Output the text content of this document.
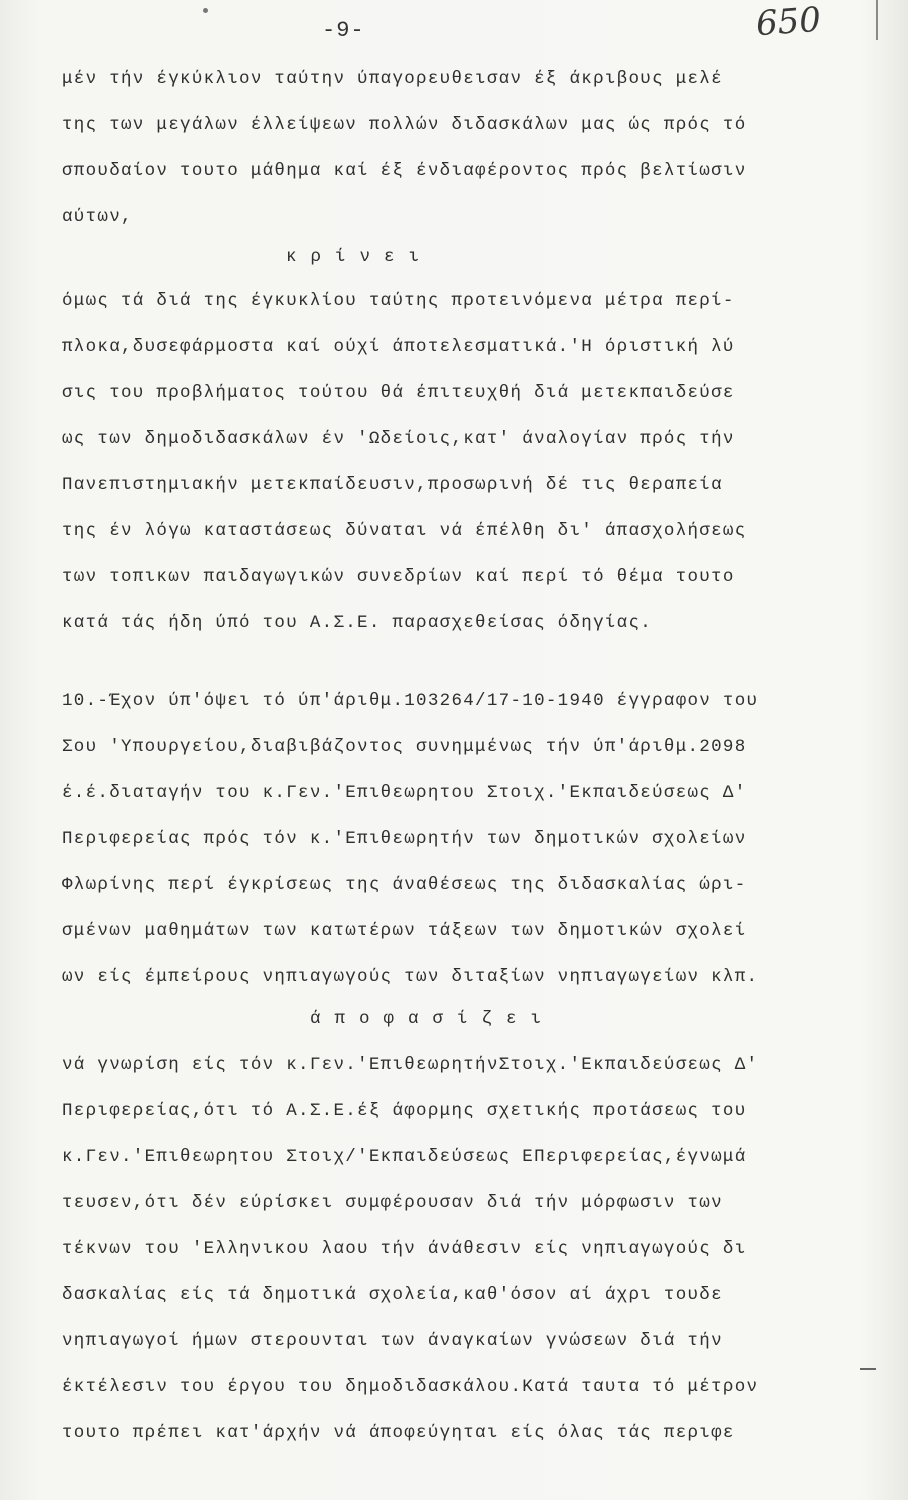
-9-	650
μέν τήν έγκύκλιον ταύτην ύπαγορευθεισαν έξ άκριβους μελέ
της των μεγάλων έλλείψεων πολλών διδασκάλων μας ώς πρός τό
σπουδαίον τουτο μάθημα καί έξ ένδιαφέροντος πρός βελτίωσιν
αύτων,
κρίνει
όμως τά διά της έγκυκλίου ταύτης προτεινόμενα μέτρα περί-
πλοκα,δυσεφάρμοστα καί ούχί άποτελεσματικά.'Η όριστική λύ
σις του προβλήματος τούτου θά έπιτευχθή διά μετεκπαιδεύσε
ως των δημοδιδασκάλων έν 'Ωδείοις,κατ' άναλογίαν πρός τήν
Πανεπιστημιακήν μετεκπαίδευσιν,προσωρινή δέ τις θεραπεία
της έν λόγω καταστάσεως δύναται νά έπέλθη δι' άπασχολήσεως
των τοπικων παιδαγωγικών συνεδρίων καί περί τό θέμα τουτο
κατά τάς ήδη ύπό του Α.Σ.Ε. παρασχεθείσας όδηγίας.
10.-Έχον ύπ'όψει τό ύπ'άριθμ.103264/17-10-1940 έγγραφον του
Σου 'Υπουργείου,διαβιβάζοντος συνημμένως τήν ύπ'άριθμ.2098
έ.έ.διαταγήν του κ.Γεν.'Επιθεωρητου Στοιχ.'Εκπαιδεύσεως Δ'
Περιφερείας πρός τόν κ.'Επιθεωρητήν των δημοτικών σχολείων
Φλωρίνης περί έγκρίσεως της άναθέσεως της διδασκαλίας ώρι-
σμένων μαθημάτων των κατωτέρων τάξεων των δημοτικών σχολεί
ων είς έμπείρους νηπιαγωγούς των διταξίων νηπιαγωγείων κλπ.
άποφασίζει
νά γνωρίση είς τόν κ.Γεν.'ΕπιθεωρητήνΣτοιχ.'Εκπαιδεύσεως Δ'
Περιφερείας,ότι τό Α.Σ.Ε.έξ άφορμης σχετικής προτάσεως του
κ.Γεν.'Επιθεωρητου Στοιχ/'Εκπαιδεύσεως ΕΠεριφερείας,έγνωμά
τευσεν,ότι δέν εύρίσκει συμφέρουσαν διά τήν μόρφωσιν των
τέκνων του 'Ελληνικου λαου τήν άνάθεσιν είς νηπιαγωγούς δι
δασκαλίας είς τά δημοτικά σχολεία,καθ'όσον αί άχρι τουδε
νηπιαγωγοί ήμων στερουνται των άναγκαίων γνώσεων διά τήν
έκτέλεσιν του έργου του δημοδιδασκάλου.Κατά ταυτα τό μέτρον
τουτο πρέπει κατ'άρχήν νά άποφεύγηται είς όλας τάς περιφε
